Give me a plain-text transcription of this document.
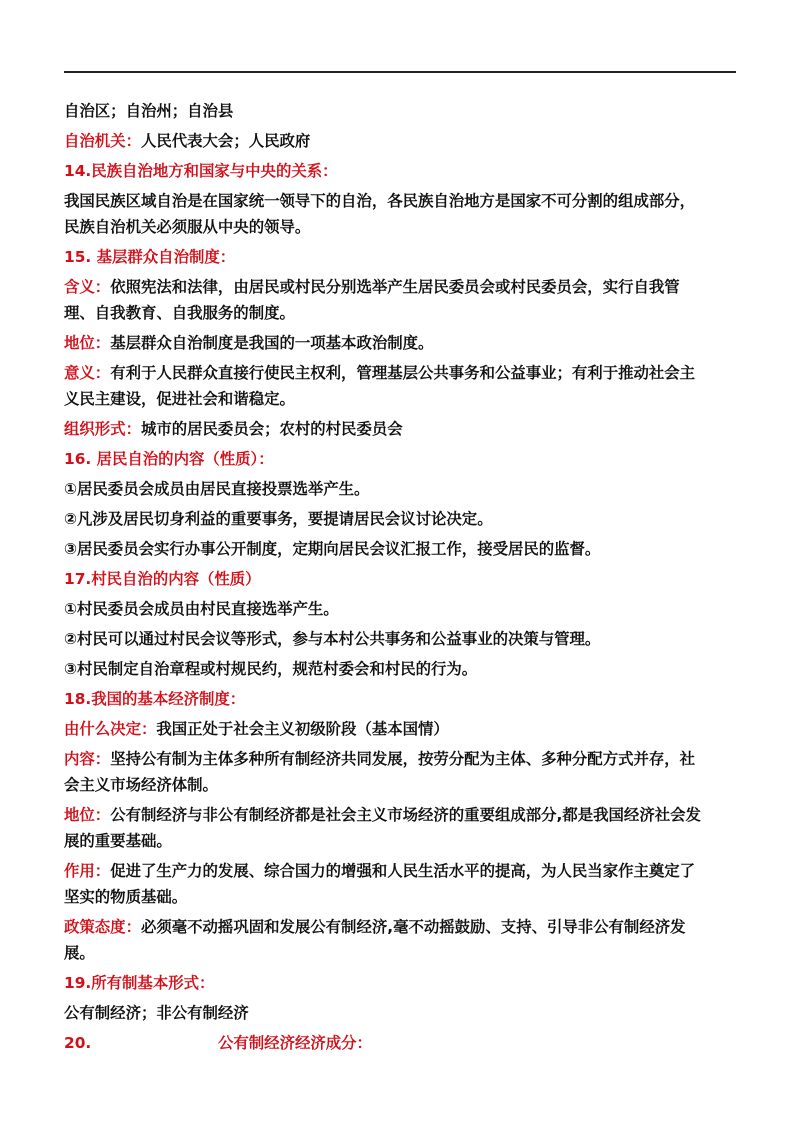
自治区；自治州；自治县
自治机关：人民代表大会；人民政府
14.民族自治地方和国家与中央的关系：
我国民族区域自治是在国家统一领导下的自治，各民族自治地方是国家不可分割的组成部分，
民族自治机关必须服从中央的领导。
15. 基层群众自治制度：
含义：依照宪法和法律，由居民或村民分别选举产生居民委员会或村民委员会，实行自我管
理、自我教育、自我服务的制度。
地位：基层群众自治制度是我国的一项基本政治制度。
意义：有利于人民群众直接行使民主权利，管理基层公共事务和公益事业；有利于推动社会主
义民主建设，促进社会和谐稳定。
组织形式：城市的居民委员会；农村的村民委员会
16. 居民自治的内容（性质）：
①居民委员会成员由居民直接投票选举产生。
②凡涉及居民切身利益的重要事务，要提请居民会议讨论决定。
③居民委员会实行办事公开制度，定期向居民会议汇报工作，接受居民的监督。
17.村民自治的内容（性质）
①村民委员会成员由村民直接选举产生。
②村民可以通过村民会议等形式，参与本村公共事务和公益事业的决策与管理。
③村民制定自治章程或村规民约，规范村委会和村民的行为。
18.我国的基本经济制度：
由什么决定：我国正处于社会主义初级阶段（基本国情）
内容：坚持公有制为主体多种所有制经济共同发展，按劳分配为主体、多种分配方式并存，社
会主义市场经济体制。
地位：公有制经济与非公有制经济都是社会主义市场经济的重要组成部分,都是我国经济社会发
展的重要基础。
作用：促进了生产力的发展、综合国力的增强和人民生活水平的提高，为人民当家作主奠定了
坚实的物质基础。
政策态度：必须毫不动摇巩固和发展公有制经济,毫不动摇鼓励、支持、引导非公有制经济发
展。
19.所有制基本形式：
公有制经济；非公有制经济
20.	公有制经济经济成分：
